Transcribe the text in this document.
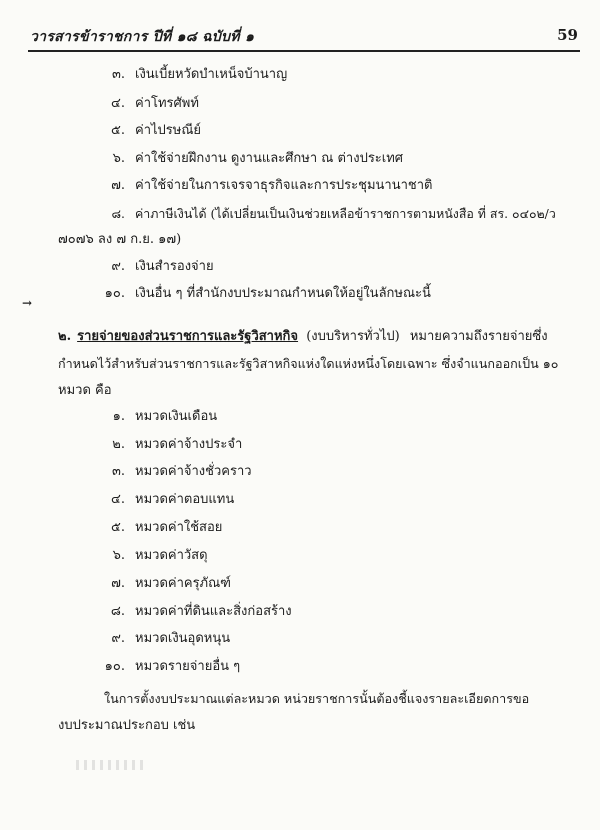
วารสารข้าราชการ ปีที่ ๑๘ ฉบับที่ ๑	59
๓. เงินเบี้ยหวัดบำเหน็จบ้านาญ
๔. ค่าโทรศัพท์
๕. ค่าไปรษณีย์
๖. ค่าใช้จ่ายฝึกงาน ดูงานและศึกษา ณ ต่างประเทศ
๗. ค่าใช้จ่ายในการเจรจาธุรกิจและการประชุมนานาชาติ
๘. ค่าภาษีเงินได้ (ได้เปลี่ยนเป็นเงินช่วยเหลือข้าราชการตามหนังสือ ที่ สร. ๐๔๐๒/ว
๗๐๗๖ ลง ๗ ก.ย. ๑๗)
๙. เงินสำรองจ่าย
๑๐. เงินอื่น ๆ ที่สำนักงบประมาณกำหนดให้อยู่ในลักษณะนี้
→
๒. รายจ่ายของส่วนราชการและรัฐวิสาหกิจ (งบบริหารทั่วไป) หมายความถึงรายจ่ายซึ่ง
กำหนดไว้สำหรับส่วนราชการและรัฐวิสาหกิจแห่งใดแห่งหนึ่งโดยเฉพาะ ซึ่งจำแนกออกเป็น ๑๐
หมวด คือ
๑. หมวดเงินเดือน
๒. หมวดค่าจ้างประจำ
๓. หมวดค่าจ้างชั่วคราว
๔. หมวดค่าตอบแทน
๕. หมวดค่าใช้สอย
๖. หมวดค่าวัสดุ
๗. หมวดค่าครุภัณฑ์
๘. หมวดค่าที่ดินและสิ่งก่อสร้าง
๙. หมวดเงินอุดหนุน
๑๐. หมวดรายจ่ายอื่น ๆ
ในการตั้งงบประมาณแต่ละหมวด หน่วยราชการนั้นต้องชี้แจงรายละเอียดการขอ
งบประมาณประกอบ เช่น
